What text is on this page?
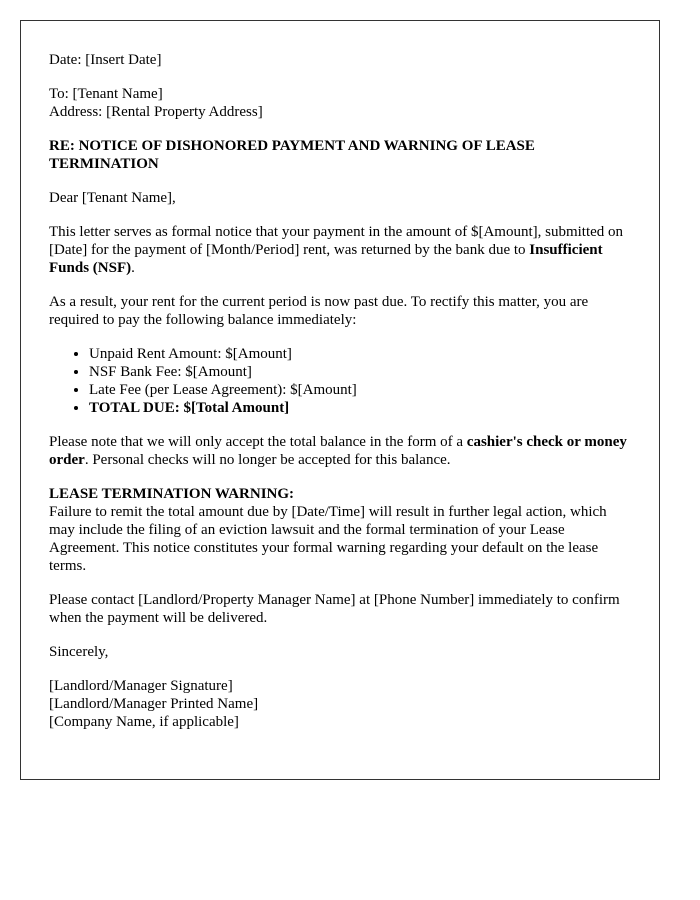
Date: [Insert Date]
To: [Tenant Name]
Address: [Rental Property Address]
RE: NOTICE OF DISHONORED PAYMENT AND WARNING OF LEASE TERMINATION
Dear [Tenant Name],
This letter serves as formal notice that your payment in the amount of $[Amount], submitted on [Date] for the payment of [Month/Period] rent, was returned by the bank due to Insufficient Funds (NSF).
As a result, your rent for the current period is now past due. To rectify this matter, you are required to pay the following balance immediately:
• Unpaid Rent Amount: $[Amount]
• NSF Bank Fee: $[Amount]
• Late Fee (per Lease Agreement): $[Amount]
• TOTAL DUE: $[Total Amount]
Please note that we will only accept the total balance in the form of a cashier's check or money order. Personal checks will no longer be accepted for this balance.
LEASE TERMINATION WARNING:
Failure to remit the total amount due by [Date/Time] will result in further legal action, which may include the filing of an eviction lawsuit and the formal termination of your Lease Agreement. This notice constitutes your formal warning regarding your default on the lease terms.
Please contact [Landlord/Property Manager Name] at [Phone Number] immediately to confirm when the payment will be delivered.
Sincerely,
[Landlord/Manager Signature]
[Landlord/Manager Printed Name]
[Company Name, if applicable]
